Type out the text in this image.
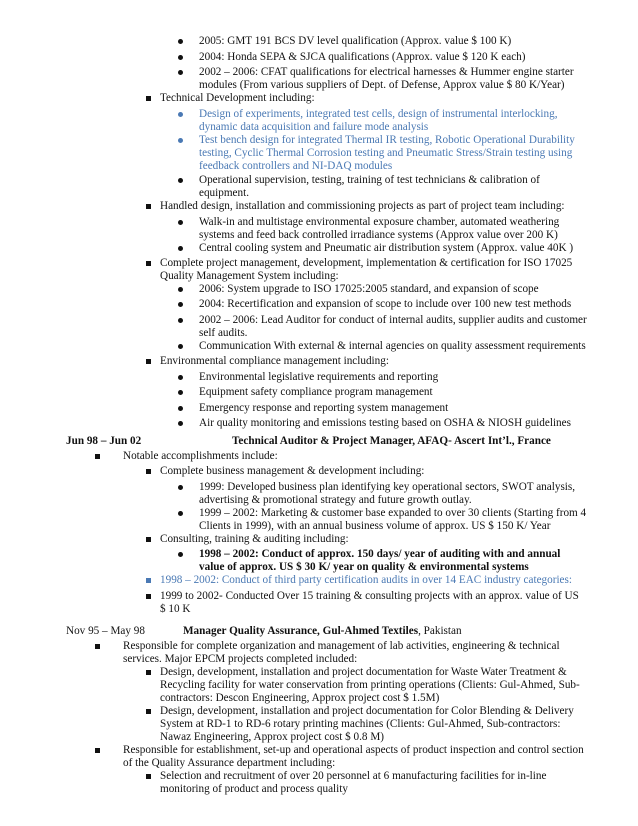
Jun 98 – Jun 02	Technical Auditor & Project Manager, AFAQ- Ascert Int’l., France
Nov 95 – May 98	Manager Quality Assurance, Gul-Ahmed Textiles, Pakistan
2005: GMT 191 BCS DV level qualification (Approx. value $ 100 K)
2004: Honda SEPA & SJCA qualifications (Approx. value $ 120 K each)
2002 – 2006: CFAT qualifications for electrical harnesses & Hummer engine starter
modules (From various suppliers of Dept. of Defense, Approx value $ 80 K/Year)
Technical Development including:
Design of experiments, integrated test cells, design of instrumental interlocking,
dynamic data acquisition and failure mode analysis
Test bench design for integrated Thermal IR testing, Robotic Operational Durability
testing, Cyclic Thermal Corrosion testing and Pneumatic Stress/Strain testing using
feedback controllers and NI-DAQ modules
Operational supervision, testing, training of test technicians & calibration of
equipment.
Handled design, installation and commissioning projects as part of project team including:
Walk-in and multistage environmental exposure chamber, automated weathering
systems and feed back controlled irradiance systems (Approx value over 200 K)
Central cooling system and Pneumatic air distribution system (Approx. value 40K )
Complete project management, development, implementation & certification for ISO 17025
Quality Management System including:
2006: System upgrade to ISO 17025:2005 standard, and expansion of scope
2004: Recertification and expansion of scope to include over 100 new test methods
2002 – 2006: Lead Auditor for conduct of internal audits, supplier audits and customer
self audits.
Communication With external & internal agencies on quality assessment requirements
Environmental compliance management including:
Environmental legislative requirements and reporting
Equipment safety compliance program management
Emergency response and reporting system management
Air quality monitoring and emissions testing based on OSHA & NIOSH guidelines
Notable accomplishments include:
Complete business management & development including:
1999: Developed business plan identifying key operational sectors, SWOT analysis,
advertising & promotional strategy and future growth outlay.
1999 – 2002: Marketing & customer base expanded to over 30 clients (Starting from 4
Clients in 1999), with an annual business volume of approx. US $ 150 K/ Year
Consulting, training & auditing including:
1998 – 2002: Conduct of approx. 150 days/ year of auditing with and annual
value of approx. US $ 30 K/ year on quality & environmental systems
1998 – 2002: Conduct of third party certification audits in over 14 EAC industry categories:
1999 to 2002- Conducted Over 15 training & consulting projects with an approx. value of US
$ 10 K
Responsible for complete organization and management of lab activities, engineering & technical
services. Major EPCM projects completed included:
Design, development, installation and project documentation for Waste Water Treatment &
Recycling facility for water conservation from printing operations (Clients: Gul-Ahmed, Sub-
contractors: Descon Engineering, Approx project cost $ 1.5M)
Design, development, installation and project documentation for Color Blending & Delivery
System at RD-1 to RD-6 rotary printing machines (Clients: Gul-Ahmed, Sub-contractors:
Nawaz Engineering, Approx project cost $ 0.8 M)
Responsible for establishment, set-up and operational aspects of product inspection and control section
of the Quality Assurance department including:
Selection and recruitment of over 20 personnel at 6 manufacturing facilities for in-line
monitoring of product and process quality
